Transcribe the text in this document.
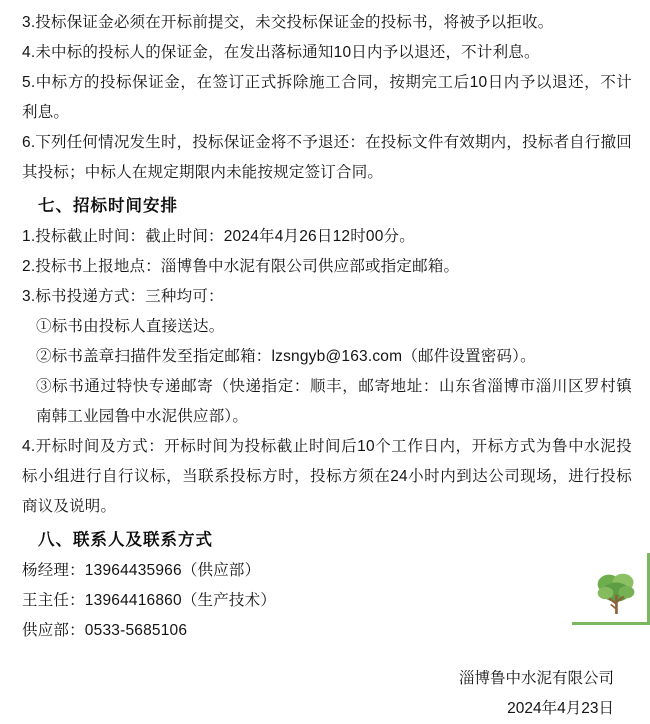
3.投标保证金必须在开标前提交，未交投标保证金的投标书，将被予以拒收。

4.未中标的投标人的保证金，在发出落标通知10日内予以退还，不计利息。

5.中标方的投标保证金，在签订正式拆除施工合同，按期完工后10日内予以退还，不计利息。

6.下列任何情况发生时，投标保证金将不予退还：在投标文件有效期内，投标者自行撤回其投标；中标人在规定期限内未能按规定签订合同。

七、招标时间安排

1.投标截止时间：截止时间：2024年4月26日12时00分。

2.投标书上报地点：淄博鲁中水泥有限公司供应部或指定邮箱。

3.标书投递方式：三种均可：

①标书由投标人直接送达。

②标书盖章扫描件发至指定邮箱：lzsngyb@163.com（邮件设置密码）。

③标书通过特快专递邮寄（快递指定：顺丰，邮寄地址：山东省淄博市淄川区罗村镇南韩工业园鲁中水泥供应部）。

4.开标时间及方式：开标时间为投标截止时间后10个工作日内，开标方式为鲁中水泥投标小组进行自行议标，当联系投标方时，投标方须在24小时内到达公司现场，进行投标商议及说明。

八、联系人及联系方式

杨经理：13964435966（供应部）

王主任：13964416860（生产技术）

供应部：0533-5685106

淄博鲁中水泥有限公司
2024年4月23日
